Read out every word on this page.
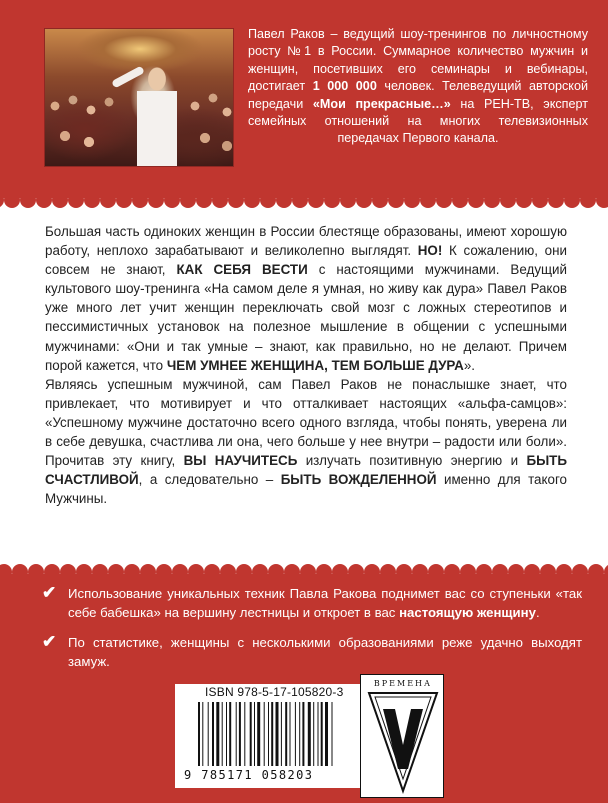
Павел Раков – ведущий шоу-тренингов по личностному росту №1 в России. Суммарное количество мужчин и женщин, посетивших его семинары и вебинары, достигает 1 000 000 человек. Телеведущий авторской передачи «Мои прекрасные…» на РЕН-ТВ, эксперт семейных отношений на многих телевизионных передачах Первого канала.

Большая часть одиноких женщин в России блестяще образованы, имеют хорошую работу, неплохо зарабатывают и великолепно выглядят. НО! К сожалению, они совсем не знают, КАК СЕБЯ ВЕСТИ с настоящими мужчинами. Ведущий культового шоу-тренинга «На самом деле я умная, но живу как дура» Павел Раков уже много лет учит женщин переключать свой мозг с ложных стереотипов и пессимистичных установок на полезное мышление в общении с успешными мужчинами: «Они и так умные – знают, как правильно, но не делают. Причем порой кажется, что ЧЕМ УМНЕЕ ЖЕНЩИНА, ТЕМ БОЛЬШЕ ДУРА».

Являясь успешным мужчиной, сам Павел Раков не понаслышке знает, что привлекает, что мотивирует и что отталкивает настоящих «альфа-самцов»: «Успешному мужчине достаточно всего одного взгляда, чтобы понять, уверена ли в себе девушка, счастлива ли она, чего больше у нее внутри – радости или боли». Прочитав эту книгу, ВЫ НАУЧИТЕСЬ излучать позитивную энергию и БЫТЬ СЧАСТЛИВОЙ, а следовательно – БЫТЬ ВОЖДЕЛЕННОЙ именно для такого Мужчины.

✔ Использование уникальных техник Павла Ракова поднимет вас со ступеньки «так себе бабешка» на вершину лестницы и откроет в вас настоящую женщину.
✔ По статистике, женщины с несколькими образованиями реже удачно выходят замуж.
ISBN 978-5-17-105820-3
9 785171 058203
ВРЕМЕНА
